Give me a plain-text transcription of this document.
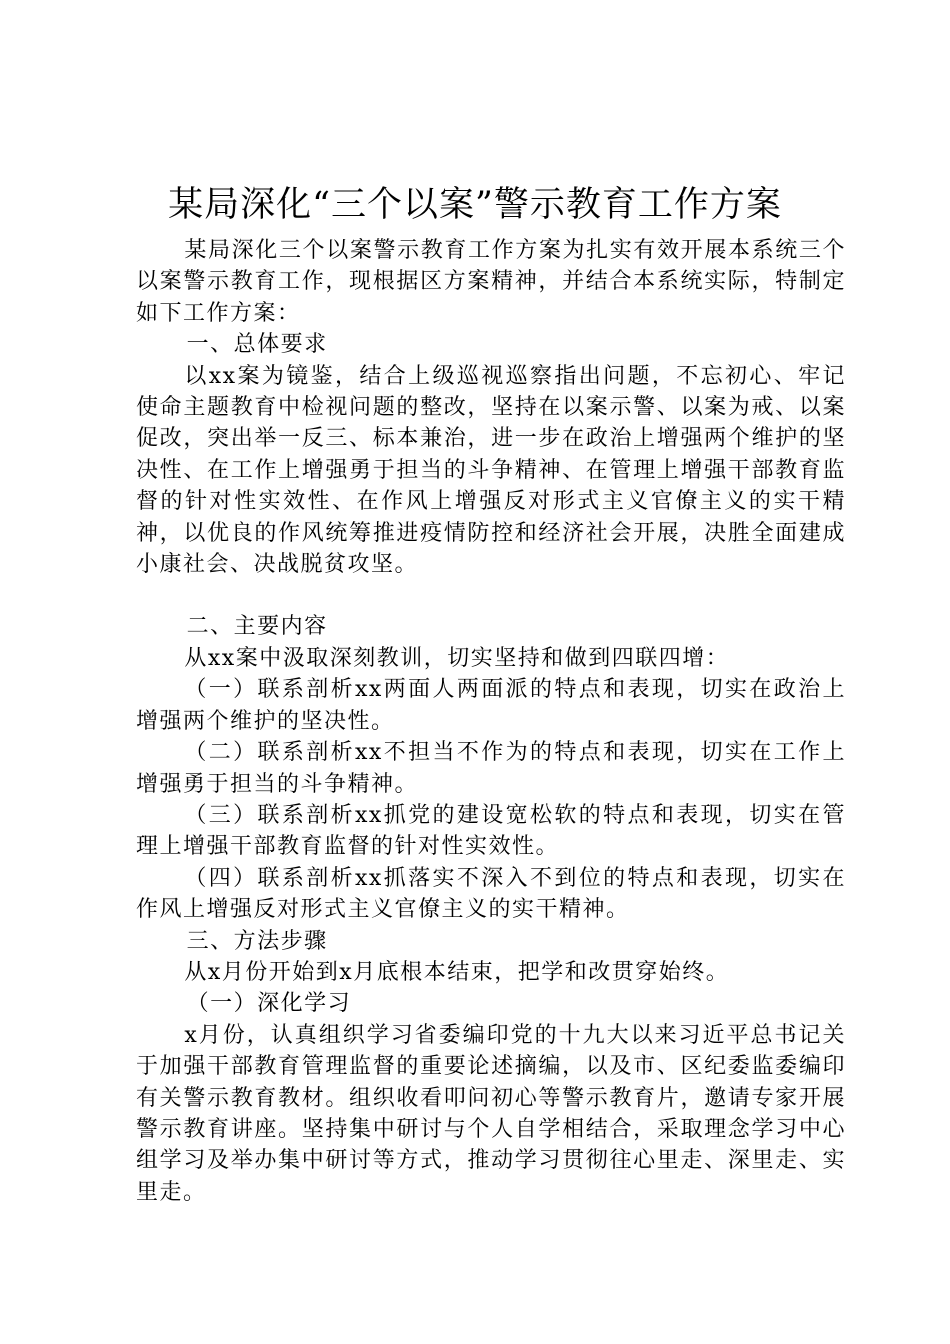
某局深化“三个以案”警示教育工作方案

某局深化三个以案警示教育工作方案为扎实有效开展本系统三个以案警示教育工作，现根据区方案精神，并结合本系统实际，特制定如下工作方案：

一、总体要求

以xx案为镜鉴，结合上级巡视巡察指出问题，不忘初心、牢记使命主题教育中检视问题的整改，坚持在以案示警、以案为戒、以案促改，突出举一反三、标本兼治，进一步在政治上增强两个维护的坚决性、在工作上增强勇于担当的斗争精神、在管理上增强干部教育监督的针对性实效性、在作风上增强反对形式主义官僚主义的实干精神，以优良的作风统筹推进疫情防控和经济社会开展，决胜全面建成小康社会、决战脱贫攻坚。

二、主要内容

从xx案中汲取深刻教训，切实坚持和做到四联四增：

（一）联系剖析xx两面人两面派的特点和表现，切实在政治上增强两个维护的坚决性。

（二）联系剖析xx不担当不作为的特点和表现，切实在工作上增强勇于担当的斗争精神。

（三）联系剖析xx抓党的建设宽松软的特点和表现，切实在管理上增强干部教育监督的针对性实效性。

（四）联系剖析xx抓落实不深入不到位的特点和表现，切实在作风上增强反对形式主义官僚主义的实干精神。

三、方法步骤

从x月份开始到x月底根本结束，把学和改贯穿始终。

（一）深化学习

x月份，认真组织学习省委编印党的十九大以来习近平总书记关于加强干部教育管理监督的重要论述摘编，以及市、区纪委监委编印有关警示教育教材。组织收看叩问初心等警示教育片，邀请专家开展警示教育讲座。坚持集中研讨与个人自学相结合，采取理念学习中心组学习及举办集中研讨等方式，推动学习贯彻往心里走、深里走、实里走。
